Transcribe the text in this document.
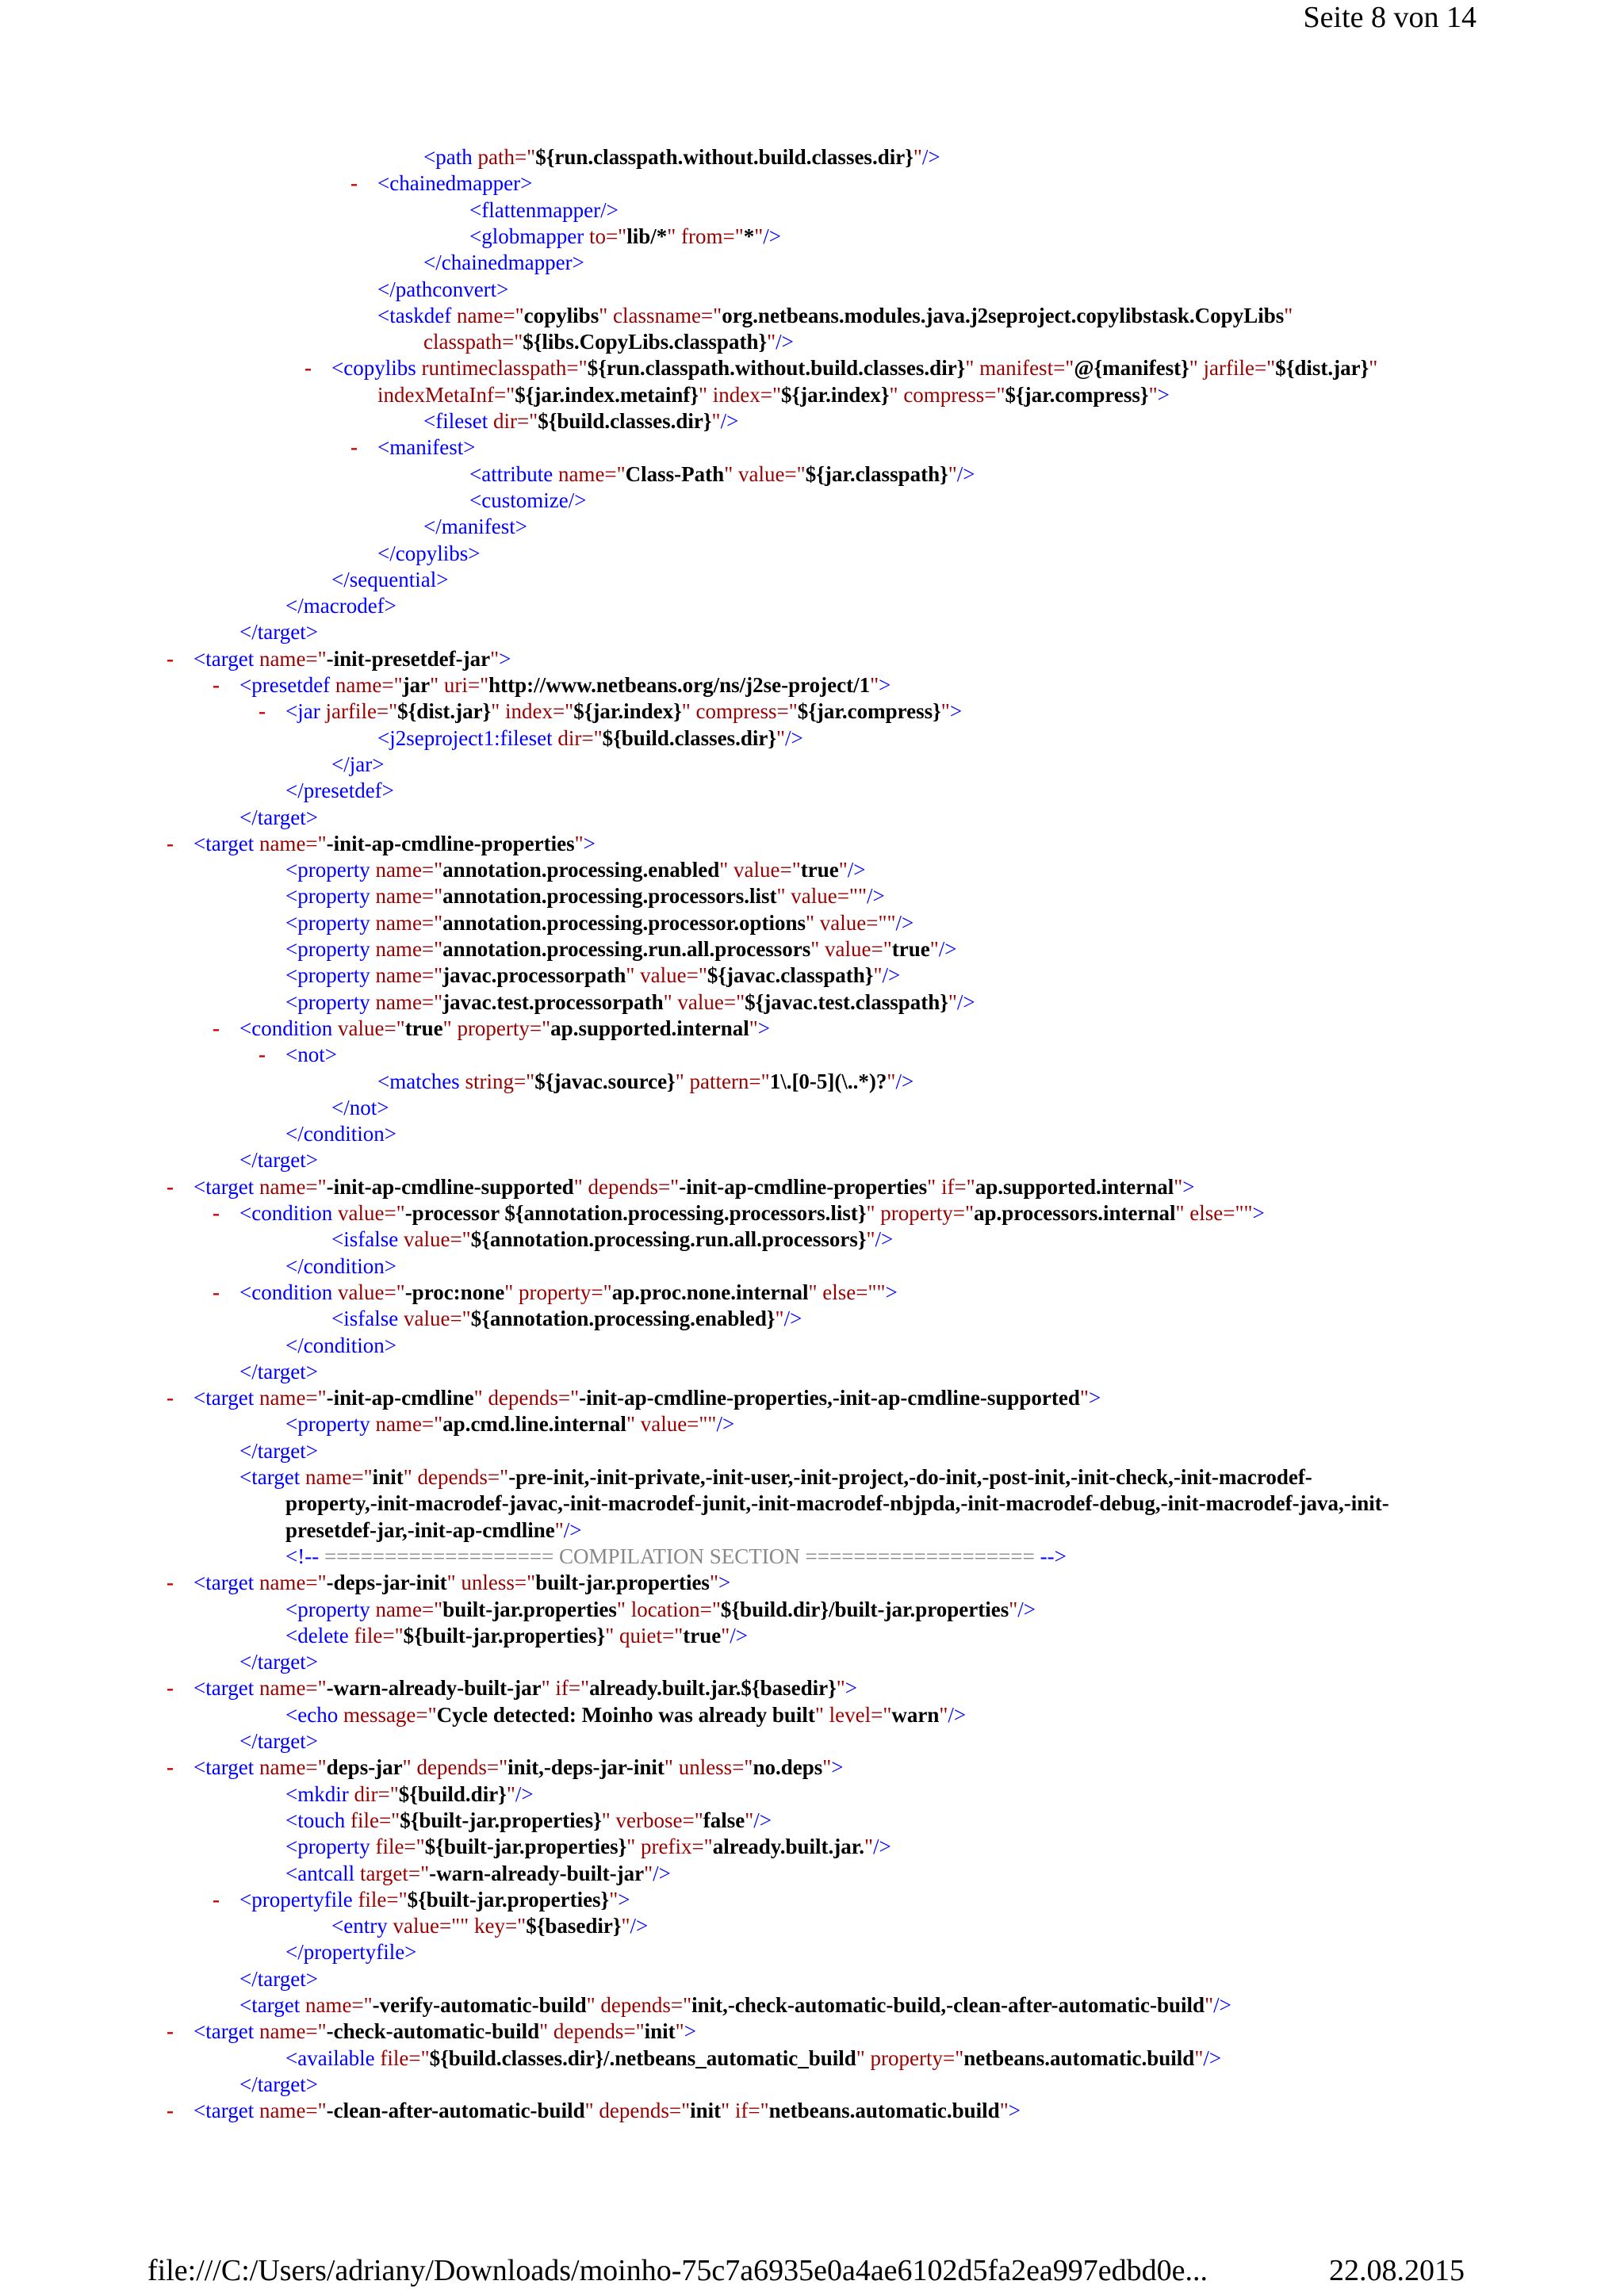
Seite 8 von 14
<path path="${run.classpath.without.build.classes.dir}"/>
- <chainedmapper>
<flattenmapper/>
<globmapper to="lib/*" from="*"/>
</chainedmapper>
</pathconvert>
<taskdef name="copylibs" classname="org.netbeans.modules.java.j2seproject.copylibstask.CopyLibs"
classpath="${libs.CopyLibs.classpath}"/>
- <copylibs runtimeclasspath="${run.classpath.without.build.classes.dir}" manifest="@{manifest}" jarfile="${dist.jar}"
indexMetaInf="${jar.index.metainf}" index="${jar.index}" compress="${jar.compress}">
<fileset dir="${build.classes.dir}"/>
- <manifest>
<attribute name="Class-Path" value="${jar.classpath}"/>
<customize/>
</manifest>
</copylibs>
</sequential>
</macrodef>
</target>
- <target name="-init-presetdef-jar">
- <presetdef name="jar" uri="http://www.netbeans.org/ns/j2se-project/1">
- <jar jarfile="${dist.jar}" index="${jar.index}" compress="${jar.compress}">
<j2seproject1:fileset dir="${build.classes.dir}"/>
</jar>
</presetdef>
</target>
- <target name="-init-ap-cmdline-properties">
<property name="annotation.processing.enabled" value="true"/>
<property name="annotation.processing.processors.list" value=""/>
<property name="annotation.processing.processor.options" value=""/>
<property name="annotation.processing.run.all.processors" value="true"/>
<property name="javac.processorpath" value="${javac.classpath}"/>
<property name="javac.test.processorpath" value="${javac.test.classpath}"/>
- <condition value="true" property="ap.supported.internal">
- <not>
<matches string="${javac.source}" pattern="1\.[0-5](\..*)?"/>
</not>
</condition>
</target>
- <target name="-init-ap-cmdline-supported" depends="-init-ap-cmdline-properties" if="ap.supported.internal">
- <condition value="-processor ${annotation.processing.processors.list}" property="ap.processors.internal" else="">
<isfalse value="${annotation.processing.run.all.processors}"/>
</condition>
- <condition value="-proc:none" property="ap.proc.none.internal" else="">
<isfalse value="${annotation.processing.enabled}"/>
</condition>
</target>
- <target name="-init-ap-cmdline" depends="-init-ap-cmdline-properties,-init-ap-cmdline-supported">
<property name="ap.cmd.line.internal" value=""/>
</target>
<target name="init" depends="-pre-init,-init-private,-init-user,-init-project,-do-init,-post-init,-init-check,-init-macrodef-
property,-init-macrodef-javac,-init-macrodef-junit,-init-macrodef-nbjpda,-init-macrodef-debug,-init-macrodef-java,-init-
presetdef-jar,-init-ap-cmdline"/>
<!-- =================== COMPILATION SECTION =================== -->
- <target name="-deps-jar-init" unless="built-jar.properties">
<property name="built-jar.properties" location="${build.dir}/built-jar.properties"/>
<delete file="${built-jar.properties}" quiet="true"/>
</target>
- <target name="-warn-already-built-jar" if="already.built.jar.${basedir}">
<echo message="Cycle detected: Moinho was already built" level="warn"/>
</target>
- <target name="deps-jar" depends="init,-deps-jar-init" unless="no.deps">
<mkdir dir="${build.dir}"/>
<touch file="${built-jar.properties}" verbose="false"/>
<property file="${built-jar.properties}" prefix="already.built.jar."/>
<antcall target="-warn-already-built-jar"/>
- <propertyfile file="${built-jar.properties}">
<entry value="" key="${basedir}"/>
</propertyfile>
</target>
<target name="-verify-automatic-build" depends="init,-check-automatic-build,-clean-after-automatic-build"/>
- <target name="-check-automatic-build" depends="init">
<available file="${build.classes.dir}/.netbeans_automatic_build" property="netbeans.automatic.build"/>
</target>
- <target name="-clean-after-automatic-build" depends="init" if="netbeans.automatic.build">
file:///C:/Users/adriany/Downloads/moinho-75c7a6935e0a4ae6102d5fa2ea997edbd0e...	22.08.2015
